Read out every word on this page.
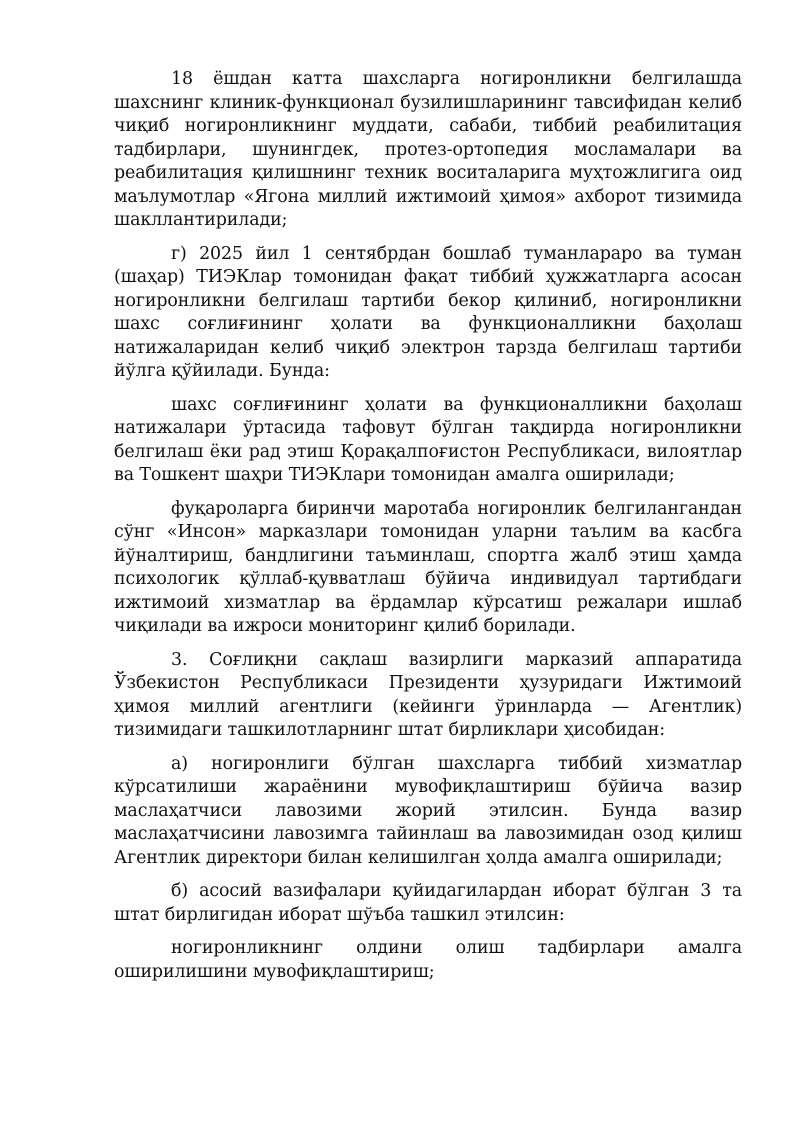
18 ёшдан катта шахсларга ногиронликни белгилашда шахснинг клиник-функционал бузилишларининг тавсифидан келиб чиқиб ногиронликнинг муддати, сабаби, тиббий реабилитация тадбирлари, шунингдек, протез-ортопедия мосламалари ва реабилитация қилишнинг техник воситаларига муҳтожлигига оид маълумотлар «Ягона миллий ижтимоий ҳимоя» ахборот тизимида шакллантирилади;

г) 2025 йил 1 сентябрдан бошлаб туманлараро ва туман (шаҳар) ТИЭКлар томонидан фақат тиббий ҳужжатларга асосан ногиронликни белгилаш тартиби бекор қилиниб, ногиронликни шахс соғлиғининг ҳолати ва функционалликни баҳолаш натижаларидан келиб чиқиб электрон тарзда белгилаш тартиби йўлга қўйилади. Бунда:

шахс соғлиғининг ҳолати ва функционалликни баҳолаш натижалари ўртасида тафовут бўлган тақдирда ногиронликни белгилаш ёки рад этиш Қорақалпоғистон Республикаси, вилоятлар ва Тошкент шаҳри ТИЭКлари томонидан амалга оширилади;

фуқароларга биринчи маротаба ногиронлик белгилангандан сўнг «Инсон» марказлари томонидан уларни таълим ва касбга йўналтириш, бандлигини таъминлаш, спортга жалб этиш ҳамда психологик қўллаб-қувватлаш бўйича индивидуал тартибдаги ижтимоий хизматлар ва ёрдамлар кўрсатиш режалари ишлаб чиқилади ва ижроси мониторинг қилиб борилади.

3. Соғлиқни сақлаш вазирлиги марказий аппаратида Ўзбекистон Республикаси Президенти ҳузуридаги Ижтимоий ҳимоя миллий агентлиги (кейинги ўринларда — Агентлик) тизимидаги ташкилотларнинг штат бирликлари ҳисобидан:

а) ногиронлиги бўлган шахсларга тиббий хизматлар кўрсатилиши жараёнини мувофиқлаштириш бўйича вазир маслаҳатчиси лавозими жорий этилсин. Бунда вазир маслаҳатчисини лавозимга тайинлаш ва лавозимидан озод қилиш Агентлик директори билан келишилган ҳолда амалга оширилади;

б) асосий вазифалари қуйидагилардан иборат бўлган 3 та штат бирлигидан иборат шўъба ташкил этилсин:

ногиронликнинг олдини олиш тадбирлари амалга оширилишини мувофиқлаштириш;
